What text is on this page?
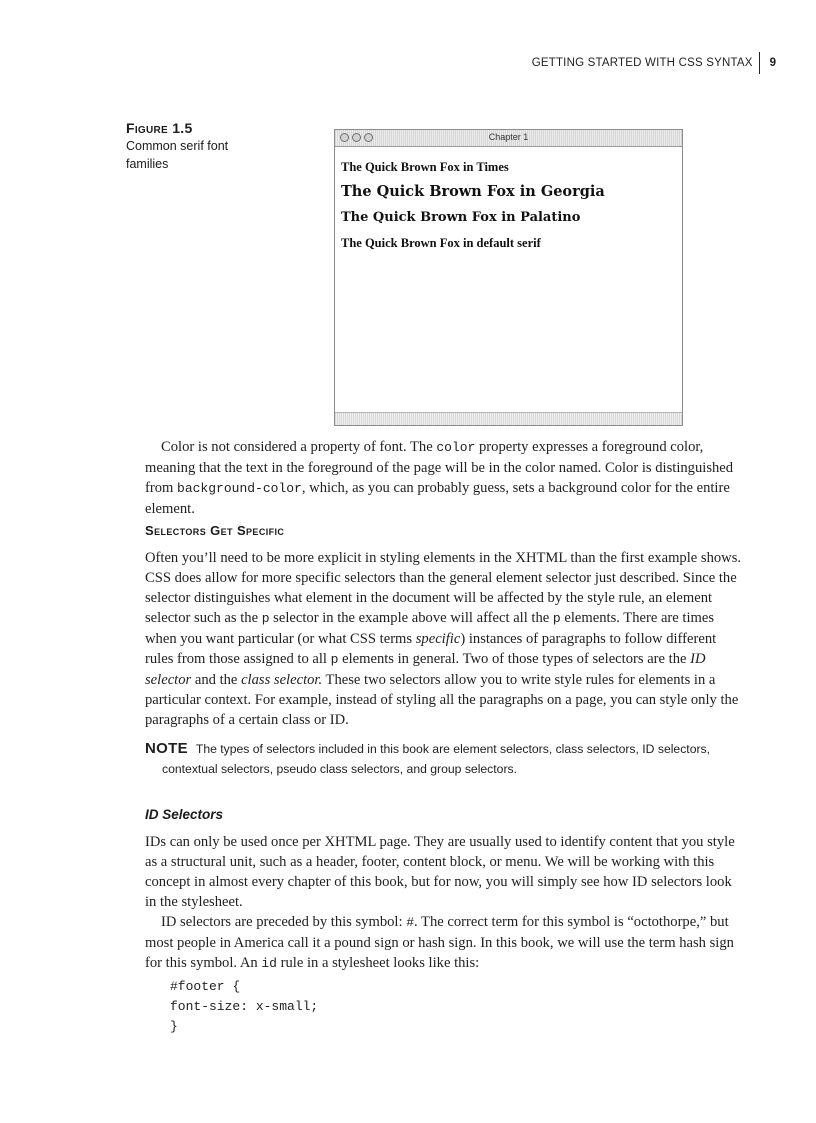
GETTING STARTED WITH CSS SYNTAX 9
Figure 1.5
Common serif font families
Chapter 1

The Quick Brown Fox in Times

The Quick Brown Fox in Georgia

The Quick Brown Fox in Palatino

The Quick Brown Fox in default serif

Color is not considered a property of font. The color property expresses a foreground color, meaning that the text in the foreground of the page will be in the color named. Color is distinguished from background-color, which, as you can probably guess, sets a background color for the entire element.

Selectors Get Specific

Often you’ll need to be more explicit in styling elements in the XHTML than the first example shows. CSS does allow for more specific selectors than the general element selector just described. Since the selector distinguishes what element in the document will be affected by the style rule, an element selector such as the p selector in the example above will affect all the p elements. There are times when you want particular (or what CSS terms specific) instances of paragraphs to follow different rules from those assigned to all p elements in general. Two of those types of selectors are the ID selector and the class selector. These two selectors allow you to write style rules for elements in a particular context. For example, instead of styling all the paragraphs on a page, you can style only the paragraphs of a certain class or ID.

NOTE The types of selectors included in this book are element selectors, class selectors, ID selectors,
contextual selectors, pseudo class selectors, and group selectors.
ID Selectors

IDs can only be used once per XHTML page. They are usually used to identify content that you style as a structural unit, such as a header, footer, content block, or menu. We will be working with this concept in almost every chapter of this book, but for now, you will simply see how ID selectors look in the stylesheet.

ID selectors are preceded by this symbol: #. The correct term for this symbol is “octothorpe,” but most people in America call it a pound sign or hash sign. In this book, we will use the term hash sign for this symbol. An id rule in a stylesheet looks like this:

#footer {
font-size: x-small;
}
